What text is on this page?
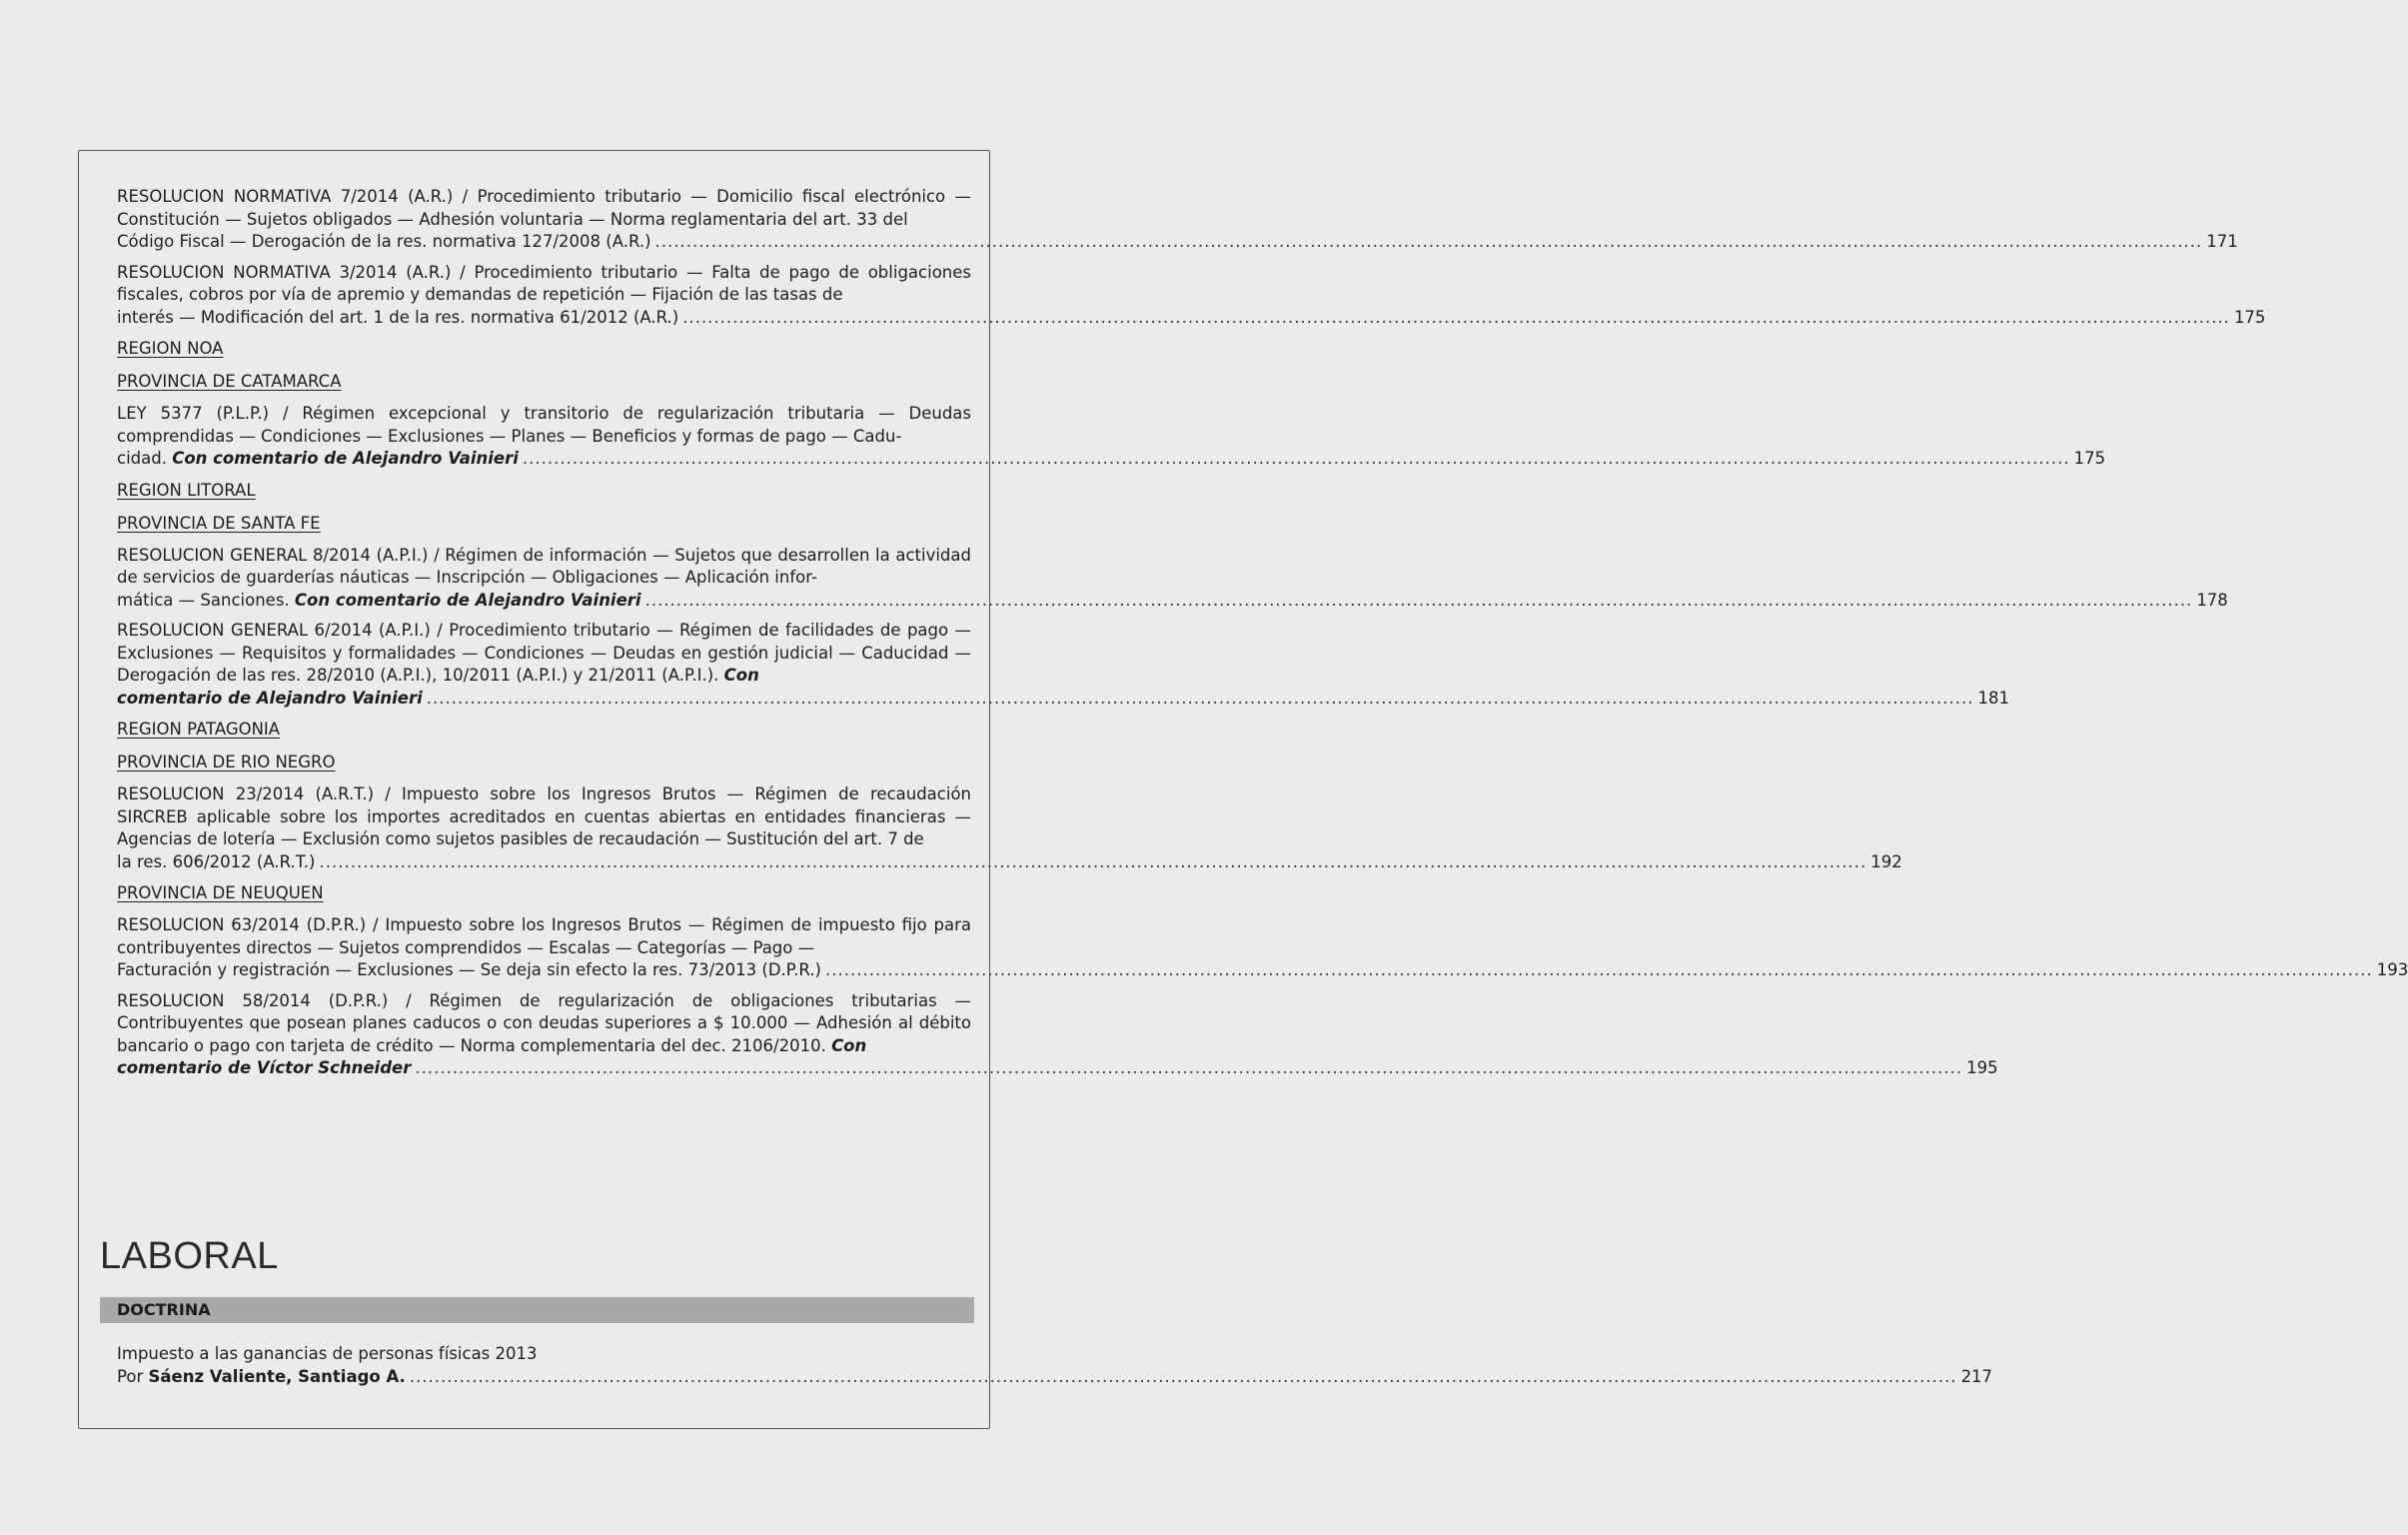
RESOLUCION NORMATIVA 7/2014 (A.R.) / Procedimiento tributario — Domicilio fiscal electrónico — Constitución — Sujetos obligados — Adhesión voluntaria — Norma reglamentaria del art. 33 del
Código Fiscal — Derogación de la res. normativa 127/2008 (A.R.) ........................................................................................................................................................................................................................................................ 171
RESOLUCION NORMATIVA 3/2014 (A.R.) / Procedimiento tributario — Falta de pago de obligaciones fiscales, cobros por vía de apremio y demandas de repetición — Fijación de las tasas de
interés — Modificación del art. 1 de la res. normativa 61/2012 (A.R.) ........................................................................................................................................................................................................................................................ 175
REGION NOA
PROVINCIA DE CATAMARCA
LEY 5377 (P.L.P.) / Régimen excepcional y transitorio de regularización tributaria — Deudas comprendidas — Condiciones — Exclusiones — Planes — Beneficios y formas de pago — Cadu-
cidad. Con comentario de Alejandro Vainieri ........................................................................................................................................................................................................................................................ 175
REGION LITORAL
PROVINCIA DE SANTA FE
RESOLUCION GENERAL 8/2014 (A.P.I.) / Régimen de información — Sujetos que desarrollen la actividad de servicios de guarderías náuticas — Inscripción — Obligaciones — Aplicación infor-
mática — Sanciones. Con comentario de Alejandro Vainieri ........................................................................................................................................................................................................................................................ 178
RESOLUCION GENERAL 6/2014 (A.P.I.) / Procedimiento tributario — Régimen de facilidades de pago — Exclusiones — Requisitos y formalidades — Condiciones — Deudas en gestión judicial — Caducidad — Derogación de las res. 28/2010 (A.P.I.), 10/2011 (A.P.I.) y 21/2011 (A.P.I.). Con
comentario de Alejandro Vainieri ........................................................................................................................................................................................................................................................ 181
REGION PATAGONIA
PROVINCIA DE RIO NEGRO
RESOLUCION 23/2014 (A.R.T.) / Impuesto sobre los Ingresos Brutos — Régimen de recaudación SIRCREB aplicable sobre los importes acreditados en cuentas abiertas en entidades financieras — Agencias de lotería — Exclusión como sujetos pasibles de recaudación — Sustitución del art. 7 de
la res. 606/2012 (A.R.T.) ........................................................................................................................................................................................................................................................ 192
PROVINCIA DE NEUQUEN
RESOLUCION 63/2014 (D.P.R.) / Impuesto sobre los Ingresos Brutos — Régimen de impuesto fijo para contribuyentes directos — Sujetos comprendidos — Escalas — Categorías — Pago —
Facturación y registración — Exclusiones — Se deja sin efecto la res. 73/2013 (D.P.R.) ........................................................................................................................................................................................................................................................ 193
RESOLUCION 58/2014 (D.P.R.) / Régimen de regularización de obligaciones tributarias — Contribuyentes que posean planes caducos o con deudas superiores a $ 10.000 — Adhesión al débito bancario o pago con tarjeta de crédito — Norma complementaria del dec. 2106/2010. Con
comentario de Víctor Schneider ........................................................................................................................................................................................................................................................ 195
LABORAL
DOCTRINA
Impuesto a las ganancias de personas físicas 2013
Por Sáenz Valiente, Santiago A. ........................................................................................................................................................................................................................................................ 217
